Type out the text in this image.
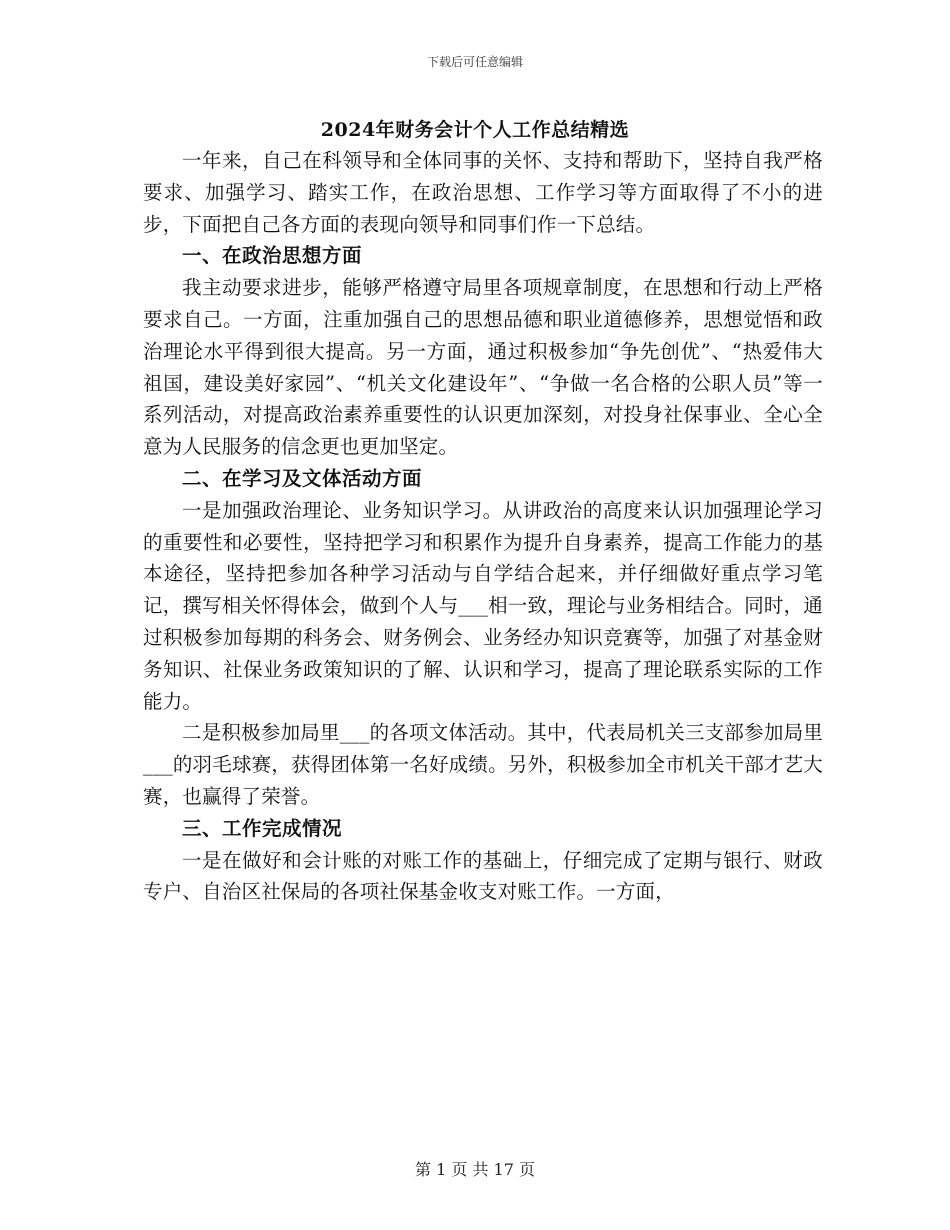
下载后可任意编辑
2024年财务会计个人工作总结精选

一年来，自己在科领导和全体同事的关怀、支持和帮助下，坚持自我严格要求、加强学习、踏实工作，在政治思想、工作学习等方面取得了不小的进步，下面把自己各方面的表现向领导和同事们作一下总结。

一、在政治思想方面

我主动要求进步，能够严格遵守局里各项规章制度，在思想和行动上严格要求自己。一方面，注重加强自己的思想品德和职业道德修养，思想觉悟和政治理论水平得到很大提高。另一方面，通过积极参加“争先创优”、“热爱伟大祖国，建设美好家园”、“机关文化建设年”、“争做一名合格的公职人员”等一系列活动，对提高政治素养重要性的认识更加深刻，对投身社保事业、全心全意为人民服务的信念更也更加坚定。

二、在学习及文体活动方面

一是加强政治理论、业务知识学习。从讲政治的高度来认识加强理论学习的重要性和必要性，坚持把学习和积累作为提升自身素养，提高工作能力的基本途径，坚持把参加各种学习活动与自学结合起来，并仔细做好重点学习笔记，撰写相关怀得体会，做到个人与___相一致，理论与业务相结合。同时，通过积极参加每期的科务会、财务例会、业务经办知识竞赛等，加强了对基金财务知识、社保业务政策知识的了解、认识和学习，提高了理论联系实际的工作能力。

二是积极参加局里___的各项文体活动。其中，代表局机关三支部参加局里___的羽毛球赛，获得团体第一名好成绩。另外，积极参加全市机关干部才艺大赛，也赢得了荣誉。

三、工作完成情况

一是在做好和会计账的对账工作的基础上，仔细完成了定期与银行、财政专户、自治区社保局的各项社保基金收支对账工作。一方面，

第 1 页 共 17 页
